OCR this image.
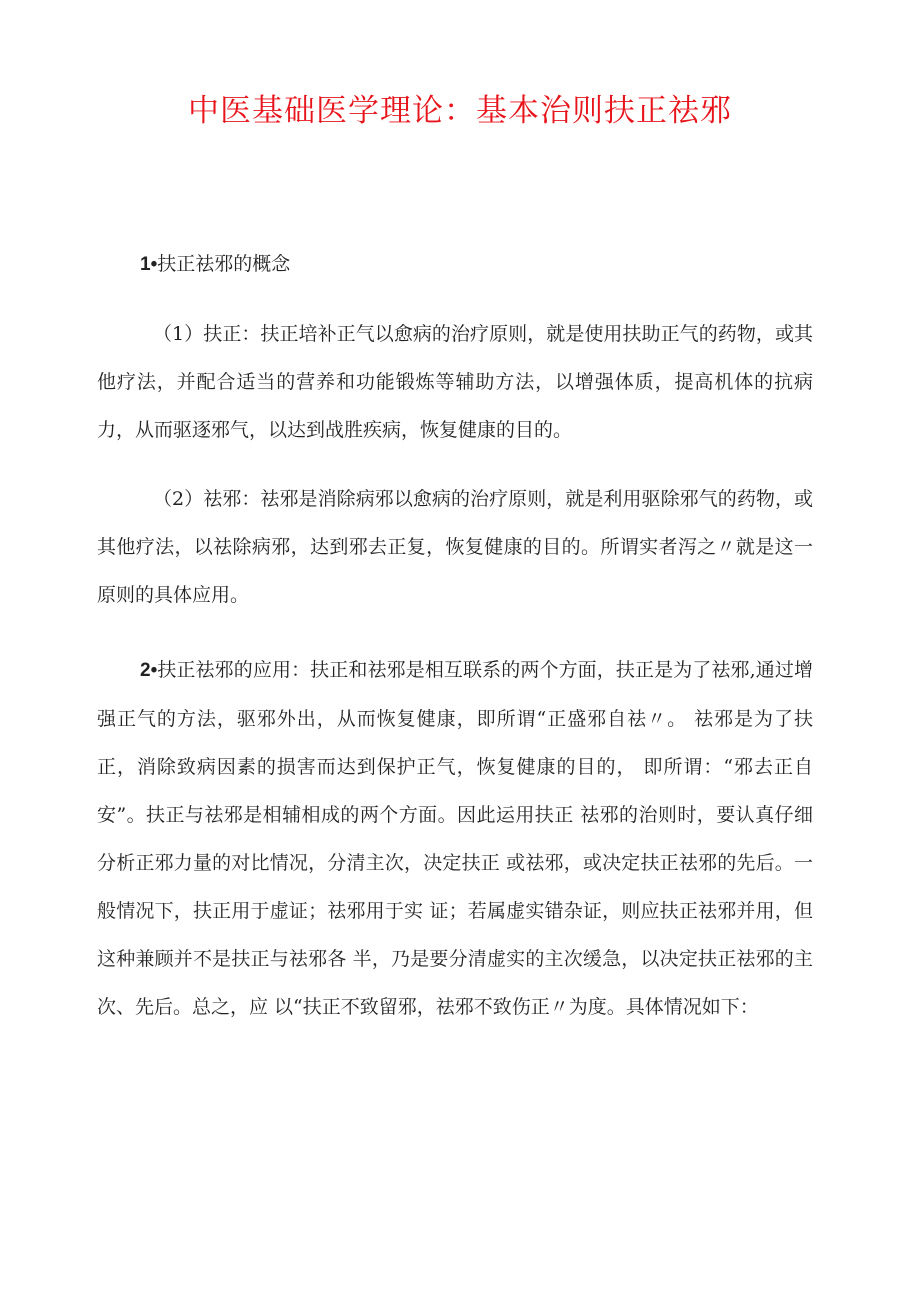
中医基础医学理论：基本治则扶正祛邪

1•扶正祛邪的概念

（1）扶正：扶正培补正气以愈病的治疗原则，就是使用扶助正气的药物，或其他疗法，并配合适当的营养和功能锻炼等辅助方法，以增强体质，提高机体的抗病力，从而驱逐邪气，以达到战胜疾病，恢复健康的目的。

（2）祛邪：祛邪是消除病邪以愈病的治疗原则，就是利用驱除邪气的药物，或其他疗法，以祛除病邪，达到邪去正复，恢复健康的目的。所谓实者泻之〃就是这一原则的具体应用。

2•扶正祛邪的应用：扶正和祛邪是相互联系的两个方面，扶正是为了祛邪,通过增强正气的方法，驱邪外出，从而恢复健康，即所谓“正盛邪自祛〃。 祛邪是为了扶正，消除致病因素的损害而达到保护正气，恢复健康的目的， 即所谓：“邪去正自安”。扶正与祛邪是相辅相成的两个方面。因此运用扶正 祛邪的治则时，要认真仔细分析正邪力量的对比情况，分清主次，决定扶正 或祛邪，或决定扶正祛邪的先后。一般情况下，扶正用于虚证；祛邪用于实 证；若属虚实错杂证，则应扶正祛邪并用，但这种兼顾并不是扶正与祛邪各 半，乃是要分清虚实的主次缓急，以决定扶正祛邪的主次、先后。总之，应 以“扶正不致留邪，祛邪不致伤正〃为度。具体情况如下：
